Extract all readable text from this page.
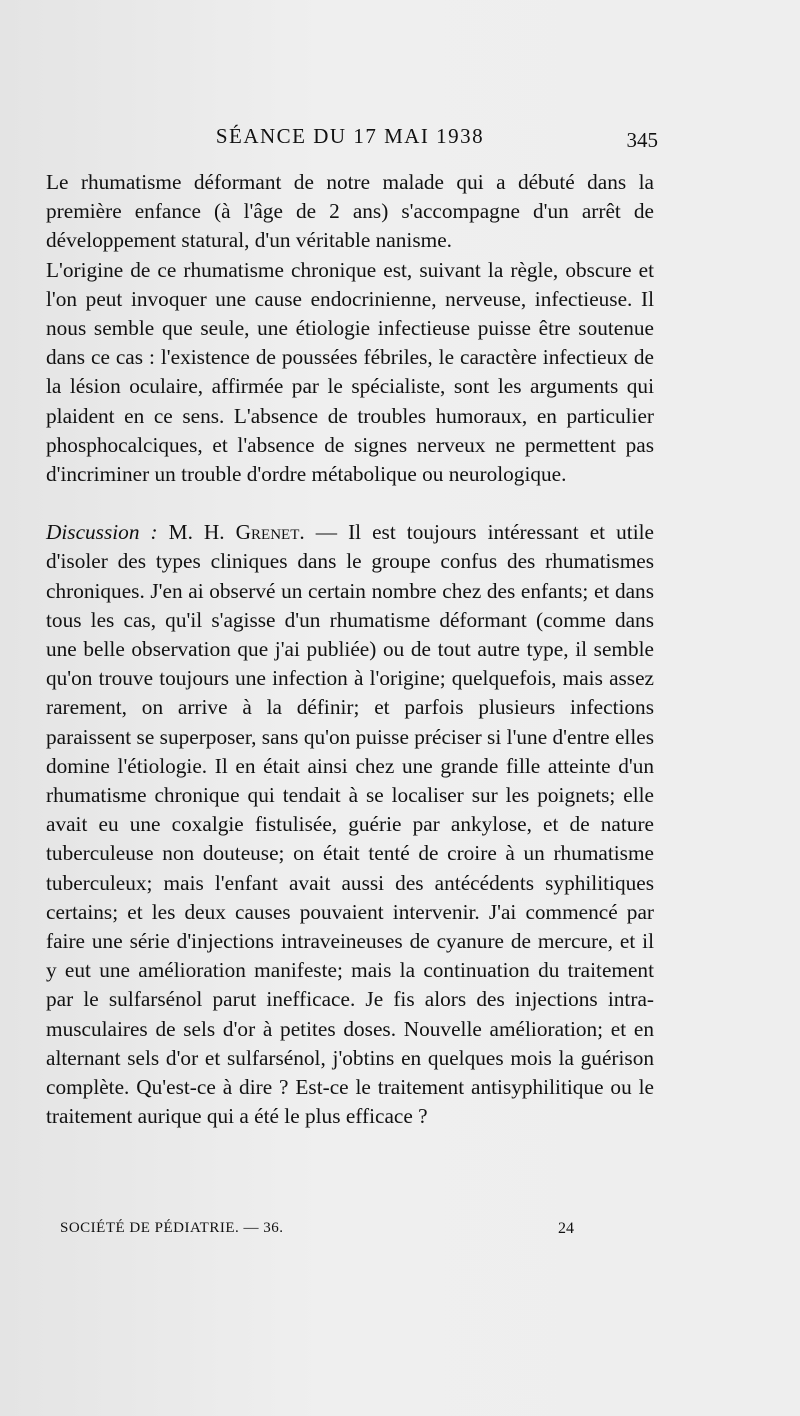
SÉANCE DU 17 MAI 1938	345

Le rhumatisme déformant de notre malade qui a débuté dans la première enfance (à l'âge de 2 ans) s'accompagne d'un arrêt de développement statural, d'un véritable nanisme.

L'origine de ce rhumatisme chronique est, suivant la règle, obscure et l'on peut invoquer une cause endocrinienne, nerveuse, infectieuse. Il nous semble que seule, une étiologie infectieuse puisse être soutenue dans ce cas : l'existence de poussées fébriles, le caractère infectieux de la lésion oculaire, affirmée par le spécialiste, sont les arguments qui plaident en ce sens. L'absence de troubles humoraux, en particulier phosphocalciques, et l'absence de signes nerveux ne permettent pas d'incriminer un trouble d'ordre métabolique ou neurologique.

Discussion : M. H. Grenet. — Il est toujours intéressant et utile d'isoler des types cliniques dans le groupe confus des rhumatismes chroniques. J'en ai observé un certain nombre chez des enfants; et dans tous les cas, qu'il s'agisse d'un rhumatisme déformant (comme dans une belle observation que j'ai publiée) ou de tout autre type, il semble qu'on trouve toujours une infection à l'origine; quelquefois, mais assez rarement, on arrive à la définir; et parfois plusieurs infections paraissent se superposer, sans qu'on puisse préciser si l'une d'entre elles domine l'étiologie. Il en était ainsi chez une grande fille atteinte d'un rhumatisme chronique qui tendait à se localiser sur les poignets; elle avait eu une coxalgie fistulisée, guérie par ankylose, et de nature tuberculeuse non douteuse; on était tenté de croire à un rhumatisme tuberculeux; mais l'enfant avait aussi des antécédents syphilitiques certains; et les deux causes pouvaient intervenir. J'ai commencé par faire une série d'injections intraveineuses de cyanure de mercure, et il y eut une amélioration manifeste; mais la continuation du traitement par le sulfarsénol parut inefficace. Je fis alors des injections intra-musculaires de sels d'or à petites doses. Nouvelle amélioration; et en alternant sels d'or et sulfarsénol, j'obtins en quelques mois la guérison complète. Qu'est-ce à dire ? Est-ce le traitement antisyphilitique ou le traitement aurique qui a été le plus efficace ?

SOCIÉTÉ DE PÉDIATRIE. — 36.	24
